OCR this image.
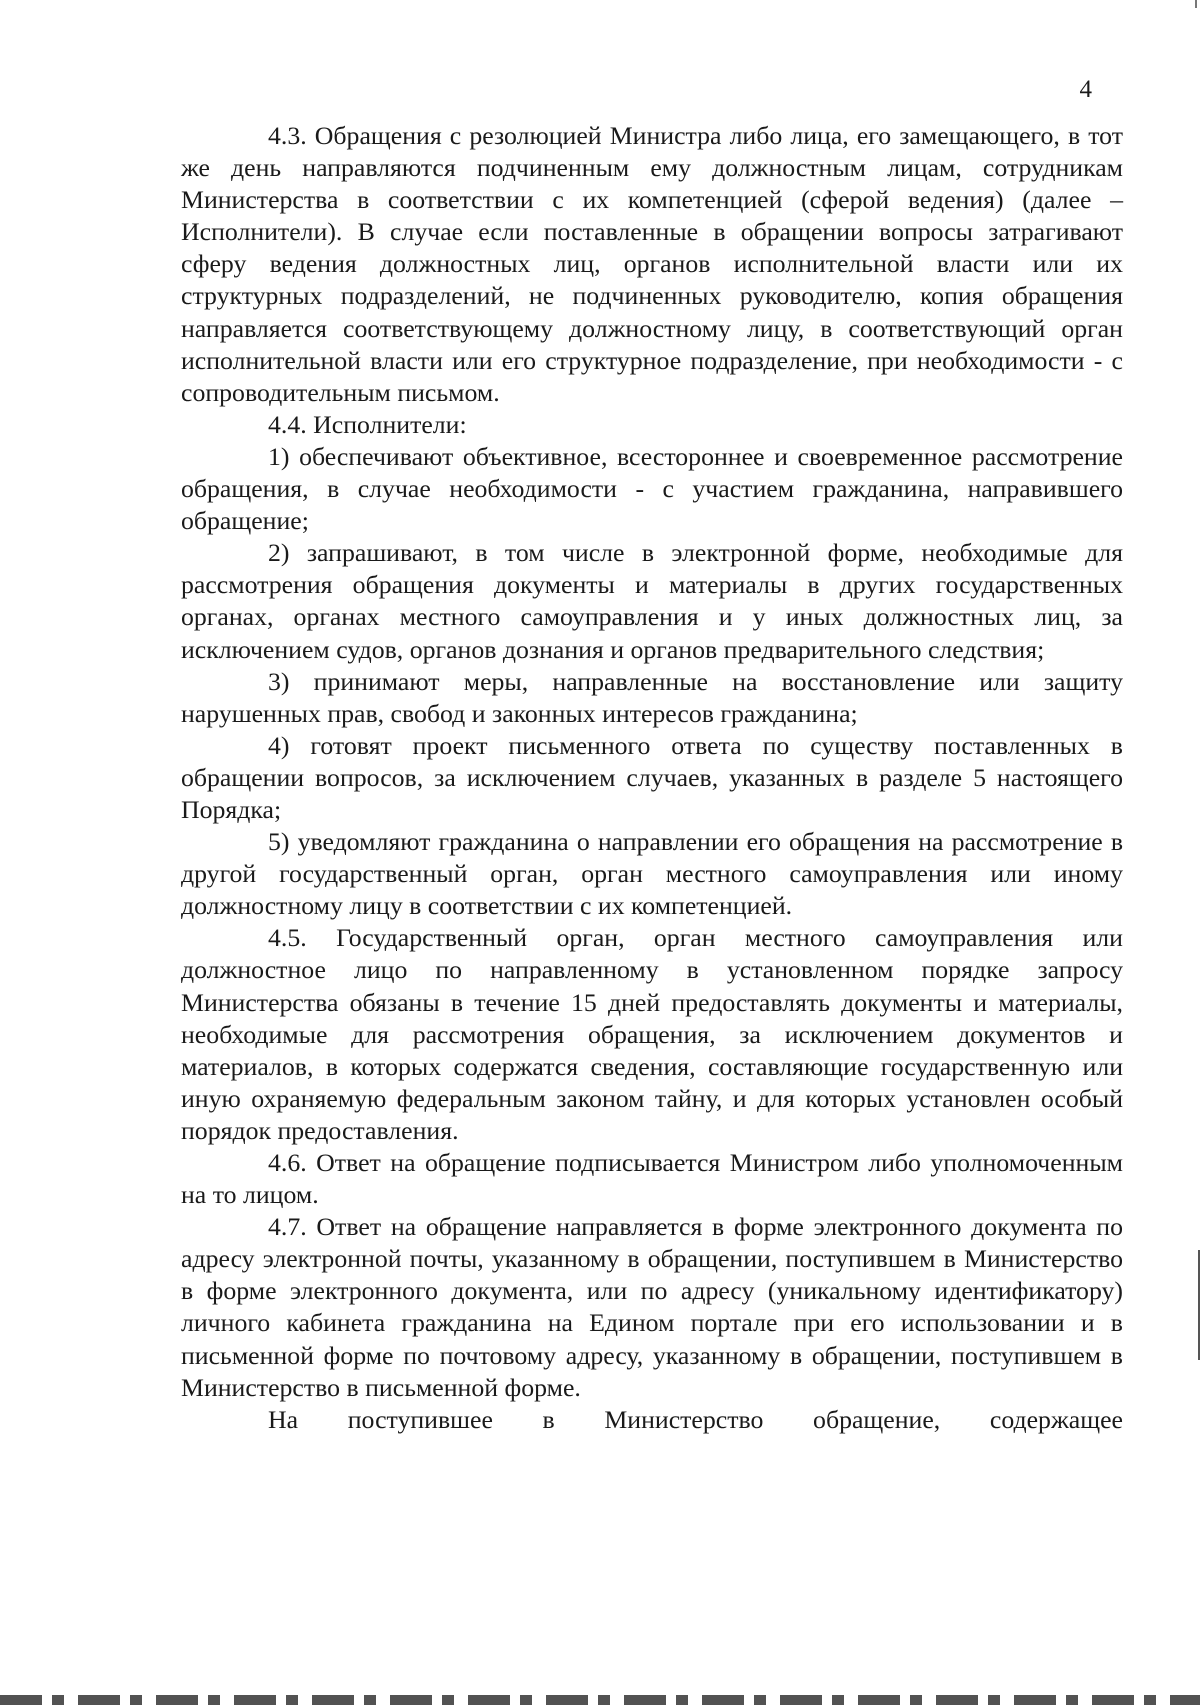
4

4.3. Обращения с резолюцией Министра либо лица, его замещающего, в тот же день направляются подчиненным ему должностным лицам, сотрудникам Министерства в соответствии с их компетенцией (сферой ведения) (далее – Исполнители). В случае если поставленные в обращении вопросы затрагивают сферу ведения должностных лиц, органов исполнительной власти или их структурных подразделений, не подчиненных руководителю, копия обращения направляется соответствующему должностному лицу, в соответствующий орган исполнительной власти или его структурное подразделение, при необходимости - с сопроводительным письмом.

4.4. Исполнители:

1) обеспечивают объективное, всестороннее и своевременное рассмотрение обращения, в случае необходимости - с участием гражданина, направившего обращение;

2) запрашивают, в том числе в электронной форме, необходимые для рассмотрения обращения документы и материалы в других государственных органах, органах местного самоуправления и у иных должностных лиц, за исключением судов, органов дознания и органов предварительного следствия;

3) принимают меры, направленные на восстановление или защиту нарушенных прав, свобод и законных интересов гражданина;

4) готовят проект письменного ответа по существу поставленных в обращении вопросов, за исключением случаев, указанных в разделе 5 настоящего Порядка;

5) уведомляют гражданина о направлении его обращения на рассмотрение в другой государственный орган, орган местного самоуправления или иному должностному лицу в соответствии с их компетенцией.

4.5. Государственный орган, орган местного самоуправления или должностное лицо по направленному в установленном порядке запросу Министерства обязаны в течение 15 дней предоставлять документы и материалы, необходимые для рассмотрения обращения, за исключением документов и материалов, в которых содержатся сведения, составляющие государственную или иную охраняемую федеральным законом тайну, и для которых установлен особый порядок предоставления.

4.6. Ответ на обращение подписывается Министром либо уполномоченным на то лицом.

4.7. Ответ на обращение направляется в форме электронного документа по адресу электронной почты, указанному в обращении, поступившем в Министерство в форме электронного документа, или по адресу (уникальному идентификатору) личного кабинета гражданина на Едином портале при его использовании и в письменной форме по почтовому адресу, указанному в обращении, поступившем в Министерство в письменной форме.

На поступившее в Министерство обращение, содержащее
